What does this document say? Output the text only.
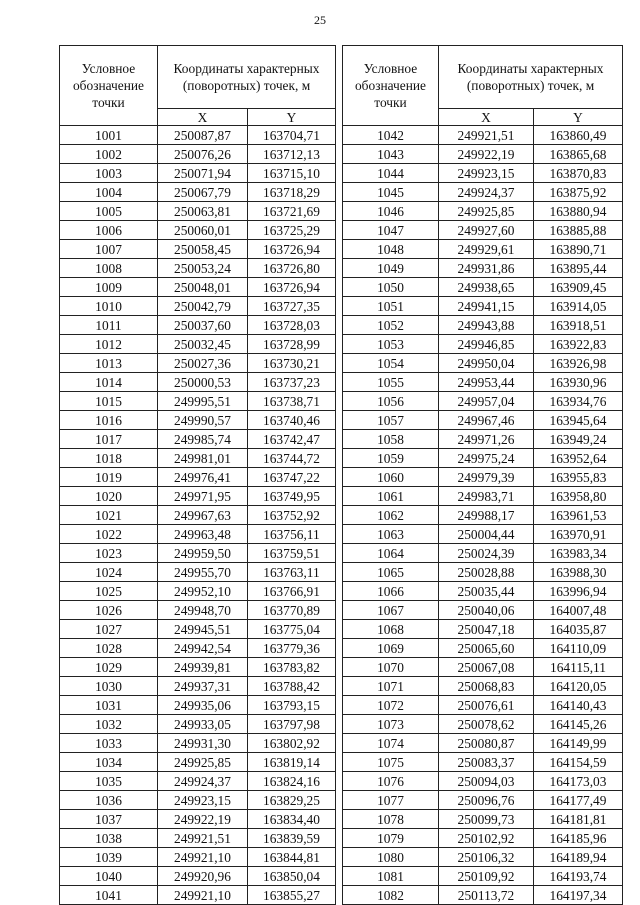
25
Условное обозначение точки	Координаты характерных (поворотных) точек, м	
	X	Y
1001	250087,87	163704,71
1002	250076,26	163712,13
1003	250071,94	163715,10
1004	250067,79	163718,29
1005	250063,81	163721,69
1006	250060,01	163725,29
1007	250058,45	163726,94
1008	250053,24	163726,80
1009	250048,01	163726,94
1010	250042,79	163727,35
1011	250037,60	163728,03
1012	250032,45	163728,99
1013	250027,36	163730,21
1014	250000,53	163737,23
1015	249995,51	163738,71
1016	249990,57	163740,46
1017	249985,74	163742,47
1018	249981,01	163744,72
1019	249976,41	163747,22
1020	249971,95	163749,95
1021	249967,63	163752,92
1022	249963,48	163756,11
1023	249959,50	163759,51
1024	249955,70	163763,11
1025	249952,10	163766,91
1026	249948,70	163770,89
1027	249945,51	163775,04
1028	249942,54	163779,36
1029	249939,81	163783,82
1030	249937,31	163788,42
1031	249935,06	163793,15
1032	249933,05	163797,98
1033	249931,30	163802,92
1034	249925,85	163819,14
1035	249924,37	163824,16
1036	249923,15	163829,25
1037	249922,19	163834,40
1038	249921,51	163839,59
1039	249921,10	163844,81
1040	249920,96	163850,04
1041	249921,10	163855,27
Условное обозначение точки	Координаты характерных (поворотных) точек, м	
	X	Y
1042	249921,51	163860,49
1043	249922,19	163865,68
1044	249923,15	163870,83
1045	249924,37	163875,92
1046	249925,85	163880,94
1047	249927,60	163885,88
1048	249929,61	163890,71
1049	249931,86	163895,44
1050	249938,65	163909,45
1051	249941,15	163914,05
1052	249943,88	163918,51
1053	249946,85	163922,83
1054	249950,04	163926,98
1055	249953,44	163930,96
1056	249957,04	163934,76
1057	249967,46	163945,64
1058	249971,26	163949,24
1059	249975,24	163952,64
1060	249979,39	163955,83
1061	249983,71	163958,80
1062	249988,17	163961,53
1063	250004,44	163970,91
1064	250024,39	163983,34
1065	250028,88	163988,30
1066	250035,44	163996,94
1067	250040,06	164007,48
1068	250047,18	164035,87
1069	250065,60	164110,09
1070	250067,08	164115,11
1071	250068,83	164120,05
1072	250076,61	164140,43
1073	250078,62	164145,26
1074	250080,87	164149,99
1075	250083,37	164154,59
1076	250094,03	164173,03
1077	250096,76	164177,49
1078	250099,73	164181,81
1079	250102,92	164185,96
1080	250106,32	164189,94
1081	250109,92	164193,74
1082	250113,72	164197,34
